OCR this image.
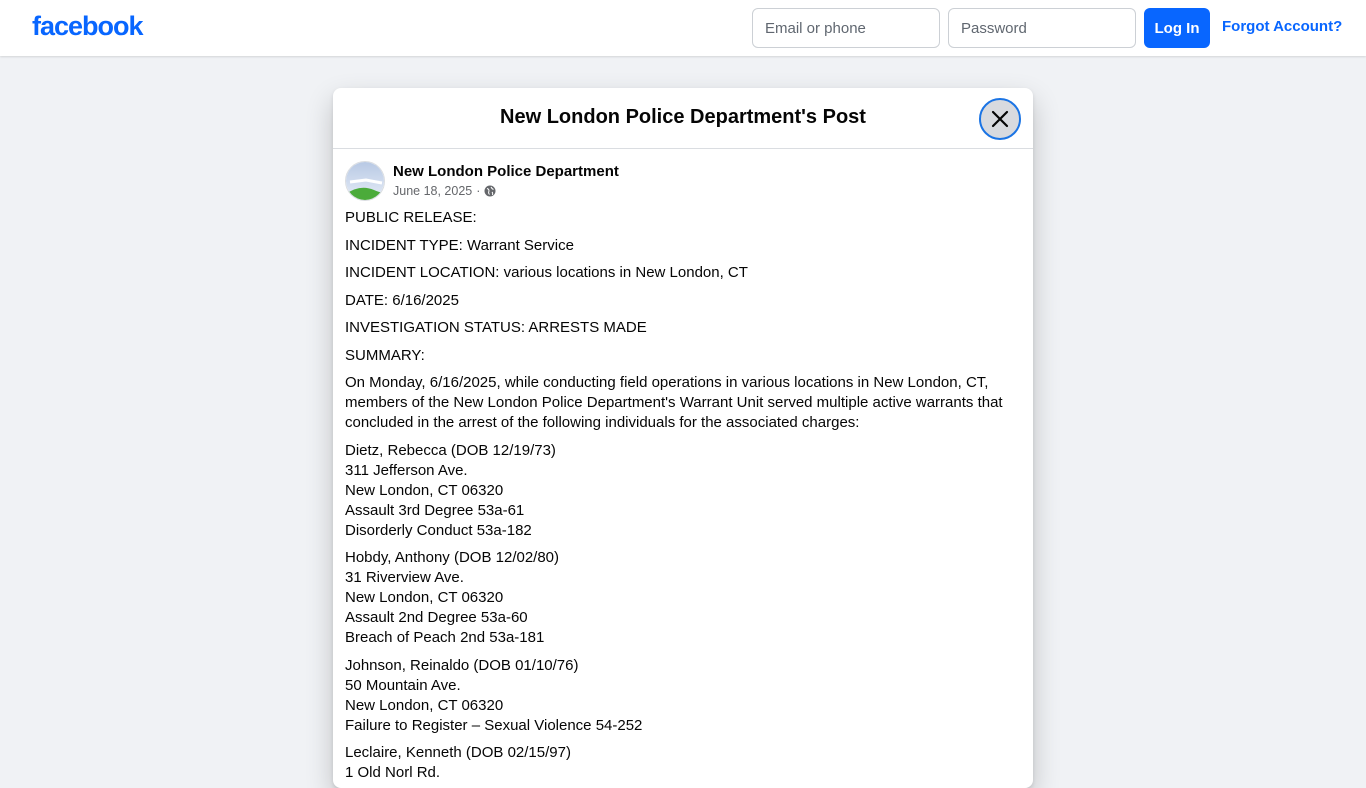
facebook
Email or phone	Log In	Forgot Account?
New London Police Department's Post
New London Police Department
June 18, 2025 ·

PUBLIC RELEASE:

INCIDENT TYPE: Warrant Service

INCIDENT LOCATION: various locations in New London, CT

DATE: 6/16/2025

INVESTIGATION STATUS: ARRESTS MADE

SUMMARY:

On Monday, 6/16/2025, while conducting field operations in various locations in New London, CT, members of the New London Police Department's Warrant Unit served multiple active warrants that concluded in the arrest of the following individuals for the associated charges:

Dietz, Rebecca (DOB 12/19/73)
311 Jefferson Ave.
New London, CT 06320
Assault 3rd Degree 53a-61
Disorderly Conduct 53a-182
Hobdy, Anthony (DOB 12/02/80)
31 Riverview Ave.
New London, CT 06320
Assault 2nd Degree 53a-60
Breach of Peach 2nd 53a-181
Johnson, Reinaldo (DOB 01/10/76)
50 Mountain Ave.
New London, CT 06320
Failure to Register – Sexual Violence 54-252
Leclaire, Kenneth (DOB 02/15/97)
1 Old Norl Rd.
